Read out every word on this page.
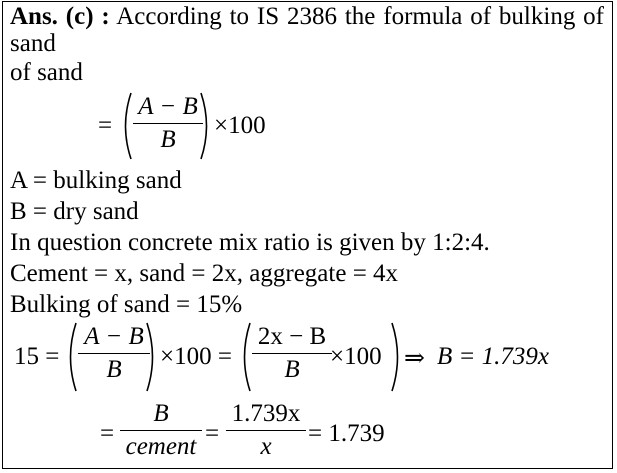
Ans. (c) : According to IS 2386 the formula of bulking of sand
of sand
=
A − B
B
×100
A = bulking sand
B = dry sand
In question concrete mix ratio is given by 1:2:4.
Cement = x, sand = 2x, aggregate = 4x
Bulking of sand = 15%
15 =
A − B
B	×100 =
2x − B
B	×100 ⇒ B = 1.739x
=
B
cement =
1.739x
x	= 1.739
